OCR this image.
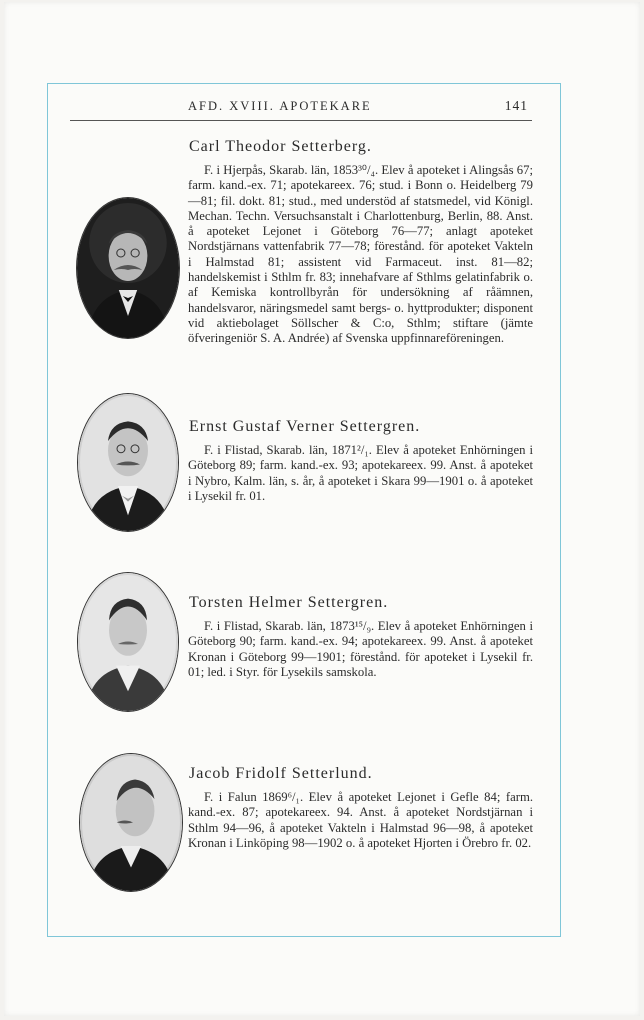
AFD. XVIII. APOTEKARE	141
Carl Theodor Setterberg.
F. i Hjerpås, Skarab. län, 1853³⁰/₄. Elev å apoteket i Alingsås 67; farm. kand.-ex. 71; apotekareex. 76; stud. i Bonn o. Heidelberg 79—81; fil. dokt. 81; stud., med understöd af statsmedel, vid Königl. Mechan. Techn. Versuchsanstalt i Charlottenburg, Berlin, 88. Anst. å apoteket Lejonet i Göteborg 76—77; anlagt apoteket Nordstjärnans vattenfabrik 77—78; förestånd. för apoteket Vakteln i Halmstad 81; assistent vid Farmaceut. inst. 81—82; handelskemist i Sthlm fr. 83; innehafvare af Sthlms gelatinfabrik o. af Kemiska kontrollbyrån för undersökning af råämnen, handelsvaror, näringsmedel samt bergs- o. hyttprodukter; disponent vid aktiebolaget Söllscher & C:o, Sthlm; stiftare (jämte öfveringeniör S. A. Andrée) af Svenska uppfinnareföreningen.
Ernst Gustaf Verner Settergren.
F. i Flistad, Skarab. län, 1871²/₁. Elev å apoteket Enhörningen i Göteborg 89; farm. kand.-ex. 93; apotekareex. 99. Anst. å apoteket i Nybro, Kalm. län, s. år, å apoteket i Skara 99—1901 o. å apoteket i Lysekil fr. 01.
Torsten Helmer Settergren.
F. i Flistad, Skarab. län, 1873¹⁵/₉. Elev å apoteket Enhörningen i Göteborg 90; farm. kand.-ex. 94; apotekareex. 99. Anst. å apoteket Kronan i Göteborg 99—1901; förestånd. för apoteket i Lysekil fr. 01; led. i Styr. för Lysekils samskola.
Jacob Fridolf Setterlund.
F. i Falun 1869⁶/₁. Elev å apoteket Lejonet i Gefle 84; farm. kand.-ex. 87; apotekareex. 94. Anst. å apoteket Nordstjärnan i Sthlm 94—96, å apoteket Vakteln i Halmstad 96—98, å apoteket Kronan i Linköping 98—1902 o. å apoteket Hjorten i Örebro fr. 02.
